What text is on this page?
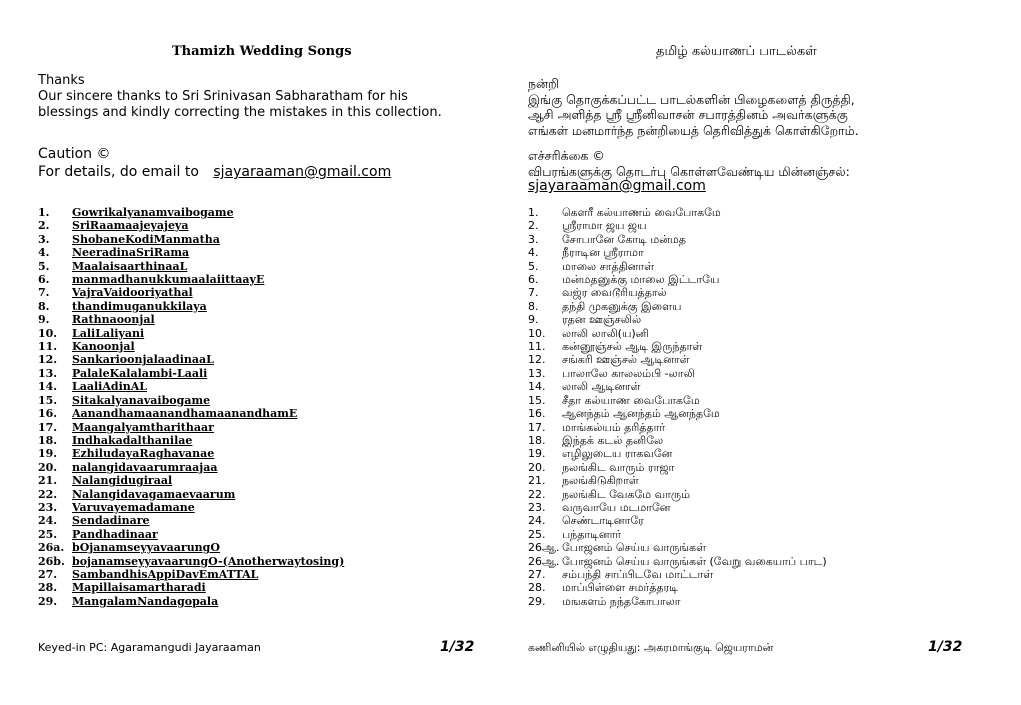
Thamizh Wedding Songs
Thanks
Our sincere thanks to Sri Srinivasan Sabharatham for his
blessings and kindly correcting the mistakes in this collection.
Caution ©
For details, do email to sjayaraaman@gmail.com
1. Gowrikalyanamvaibogame
2. SriRaamaajeyajeya
3. ShobaneKodiManmatha
4. NeeradinaSriRama
5. MaalaisaarthinaaL
6. manmadhanukkumaalaiittaayE
7. VajraVaidooriyathal
8. thandimuganukkilaya
9. Rathnaoonjal
10. LaliLaliyani
11. Kanoonjal
12. SankarioonjalaadinaaL
13. PalaleKalalambi-Laali
14. LaaliAdinAL
15. Sitakalyanavaibogame
16. AanandhamaanandhamaanandhamE
17. Maangalyamtharithaar
18. Indhakadalthanilae
19. EzhiludayaRaghavanae
20. nalangidavaarumraajaa
21. Nalangidugiraal
22. Nalangidavagamaevaarum
23. Varuvayemadamane
24. Sendadinare
25. Pandhadinaar
26a. bOjanamseyyavaarungO
26b. bojanamseyyavaarungO-(Anotherwaytosing)
27. SambandhisAppiDavEmATTAL
28. Mapillaisamartharadi
29. MangalamNandagopala
Keyed-in PC: Agaramangudi Jayaraaman	1/32
தமிழ் கல்யாணப் பாடல்கள்
நன்றி
இங்கு தொகுக்கப்பட்ட பாடல்களின் பிழைகளைத் திருத்தி,
ஆசி அளித்த ஸ்ரீ ஸ்ரீனிவாசன் சபாரத்தினம் அவர்களுக்கு
எங்கள் மனமார்ந்த நன்றியைத் தெரிவித்துக் கொள்கிறோம்.
எச்சரிக்கை ©
விபரங்களுக்கு தொடர்பு கொள்ளவேண்டிய மின்னஞ்சல்:
sjayaraaman@gmail.com
1. கௌரீ கல்யாணம் வைபோகமே
2. ஸ்ரீராமா ஜய ஜய
3. சோபானே கோடி மன்மத
4. நீராடின ஸ்ரீராமா
5. மாலை சாத்தினாள்
6. மன்மதனுக்கு மாலை இட்டாயே
7. வஜ்ர வைடூரியத்தால்
8. தந்தி முகனுக்கு இளைய
9. ரதன ஊஞ்சலில்
10. லாலி லாலி(ய)னி
11. கன்னூஞ்சல் ஆடி இருந்தாள்
12. சங்கரி ஊஞ்சல் ஆடினாள்
13. பாலாலே காலலம்பி -லாலி
14. லாலி ஆடினாள்
15. சீதா கல்யாண வைபோகமே
16. ஆனந்தம் ஆனந்தம் ஆனந்தமே
17. மாங்கல்யம் தரித்தார்
18. இந்தக் கடல் தனிலே
19. எழிலுடைய ராகவனே
20. நலங்கிட வாரும் ராஜா
21. நலங்கிடுகிறாள்
22. நலங்கிட வேகமே வாரும்
23. வருவாயே மடமானே
24. செண்டாடினாரே
25. பந்தாடினார்
26ஆ. போஜனம் செய்ய வாருங்கள்
26ஆ. போஜனம் செய்ய வாருங்கள் (வேறு வகையாப் பாட)
27. சம்பந்தி சாப்பிடவே மாட்டாள்
28. மாப்பிள்ளை சமர்த்தரடி
29. மஙகளம் நந்தகோபாலா
கணினியில் எழுதியது: அகரமாங்குடி ஜெயராமன்	1/32
